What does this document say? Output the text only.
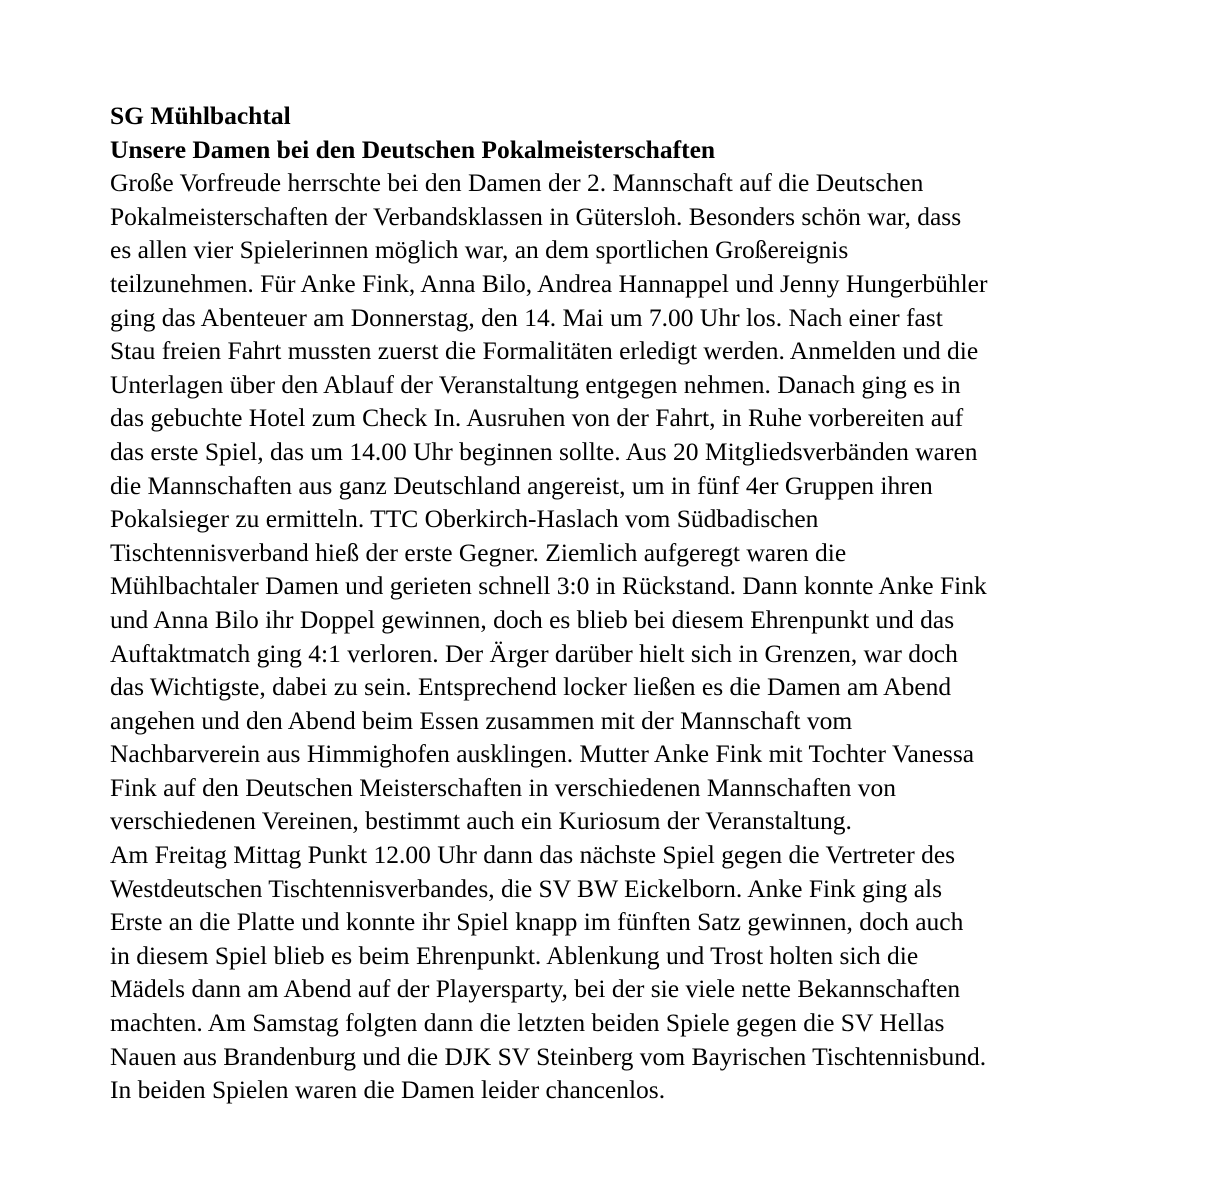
SG Mühlbachtal
Unsere Damen bei den Deutschen Pokalmeisterschaften
Große Vorfreude herrschte bei den Damen der 2. Mannschaft auf die Deutschen
Pokalmeisterschaften der Verbandsklassen in Gütersloh. Besonders schön war, dass
es allen vier Spielerinnen möglich war, an dem sportlichen Großereignis
teilzunehmen. Für Anke Fink, Anna Bilo, Andrea Hannappel und Jenny Hungerbühler
ging das Abenteuer am Donnerstag, den 14. Mai um 7.00 Uhr los. Nach einer fast
Stau freien Fahrt mussten zuerst die Formalitäten erledigt werden. Anmelden und die
Unterlagen über den Ablauf der Veranstaltung entgegen nehmen. Danach ging es in
das gebuchte Hotel zum Check In. Ausruhen von der Fahrt, in Ruhe vorbereiten auf
das erste Spiel, das um 14.00 Uhr beginnen sollte. Aus 20 Mitgliedsverbänden waren
die Mannschaften aus ganz Deutschland angereist, um in fünf 4er Gruppen ihren
Pokalsieger zu ermitteln. TTC Oberkirch-Haslach vom Südbadischen
Tischtennisverband hieß der erste Gegner. Ziemlich aufgeregt waren die
Mühlbachtaler Damen und gerieten schnell 3:0 in Rückstand. Dann konnte Anke Fink
und Anna Bilo ihr Doppel gewinnen, doch es blieb bei diesem Ehrenpunkt und das
Auftaktmatch ging 4:1 verloren. Der Ärger darüber hielt sich in Grenzen, war doch
das Wichtigste, dabei zu sein. Entsprechend locker ließen es die Damen am Abend
angehen und den Abend beim Essen zusammen mit der Mannschaft vom
Nachbarverein aus Himmighofen ausklingen. Mutter Anke Fink mit Tochter Vanessa
Fink auf den Deutschen Meisterschaften in verschiedenen Mannschaften von
verschiedenen Vereinen, bestimmt auch ein Kuriosum der Veranstaltung.
Am Freitag Mittag Punkt 12.00 Uhr dann das nächste Spiel gegen die Vertreter des
Westdeutschen Tischtennisverbandes, die SV BW Eickelborn. Anke Fink ging als
Erste an die Platte und konnte ihr Spiel knapp im fünften Satz gewinnen, doch auch
in diesem Spiel blieb es beim Ehrenpunkt. Ablenkung und Trost holten sich die
Mädels dann am Abend auf der Playersparty, bei der sie viele nette Bekannschaften
machten. Am Samstag folgten dann die letzten beiden Spiele gegen die SV Hellas
Nauen aus Brandenburg und die DJK SV Steinberg vom Bayrischen Tischtennisbund.
In beiden Spielen waren die Damen leider chancenlos.
